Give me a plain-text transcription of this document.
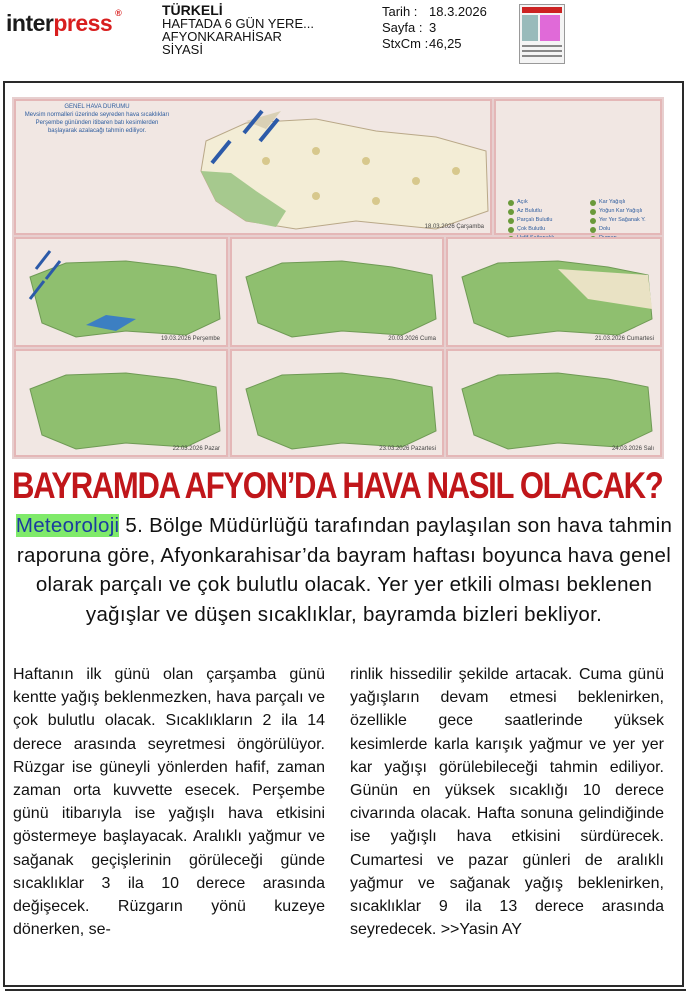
interpress ®	TÜRKELİ
HAFTADA 6 GÜN YERE...
AFYONKARAHİSAR
SİYASİ
Tarih : 18.3.2026
Sayfa : 3
StxCm : 46,25
GENEL HAVA DURUMU
Mevsim normalleri üzerinde seyreden hava sıcaklıkları Perşembe gününden itibaren batı kesimlerden başlayarak azalacağı tahmin ediliyor.
18.03.2026 Çarşamba
Açık
Az Bulutlu
Parçalı Bulutlu
Çok Bulutlu
Kar Yağışlı
Yoğun Kar Yağışlı
Yer Yer Sağanak Y.
Dolu
19.03.2026 Perşembe	20.03.2026 Cuma	21.03.2026 Cumartesi
22.03.2026 Pazar	23.03.2026 Pazartesi	24.03.2026 Salı
BAYRAMDA AFYON’DA HAVA NASIL OLACAK?
Meteoroloji 5. Bölge Müdürlüğü tarafından paylaşılan son hava tahmin raporuna göre, Afyonkarahisar’da bayram haftası boyunca hava genel olarak parçalı ve çok bulutlu olacak. Yer yer etkili olması beklenen yağışlar ve düşen sıcaklıklar, bayramda bizleri bekliyor.
Haftanın ilk günü olan çarşamba günü kentte yağış beklenmezken, hava parçalı ve çok bulutlu olacak. Sıcaklıkların 2 ila 14 derece arasında seyretmesi öngörülüyor. Rüzgar ise güneyli yönlerden hafif, zaman zaman orta kuvvette esecek. Perşembe günü itibarıyla ise yağışlı hava etkisini göstermeye başlayacak. Aralıklı yağmur ve sağanak geçişlerinin görüleceği günde sıcaklıklar 3 ila 10 derece arasında değişecek. Rüzgarın yönü kuzeye dönerken, se-
rinlik hissedilir şekilde artacak. Cuma günü yağışların devam etmesi beklenirken, özellikle gece saatlerinde yüksek kesimlerde karla karışık yağmur ve yer yer kar yağışı görülebileceği tahmin ediliyor. Günün en yüksek sıcaklığı 10 derece civarında olacak. Hafta sonuna gelindiğinde ise yağışlı hava etkisini sürdürecek. Cumartesi ve pazar günleri de aralıklı yağmur ve sağanak yağış beklenirken, sıcaklıklar 9 ila 13 derece arasında seyredecek. >>Yasin AY
